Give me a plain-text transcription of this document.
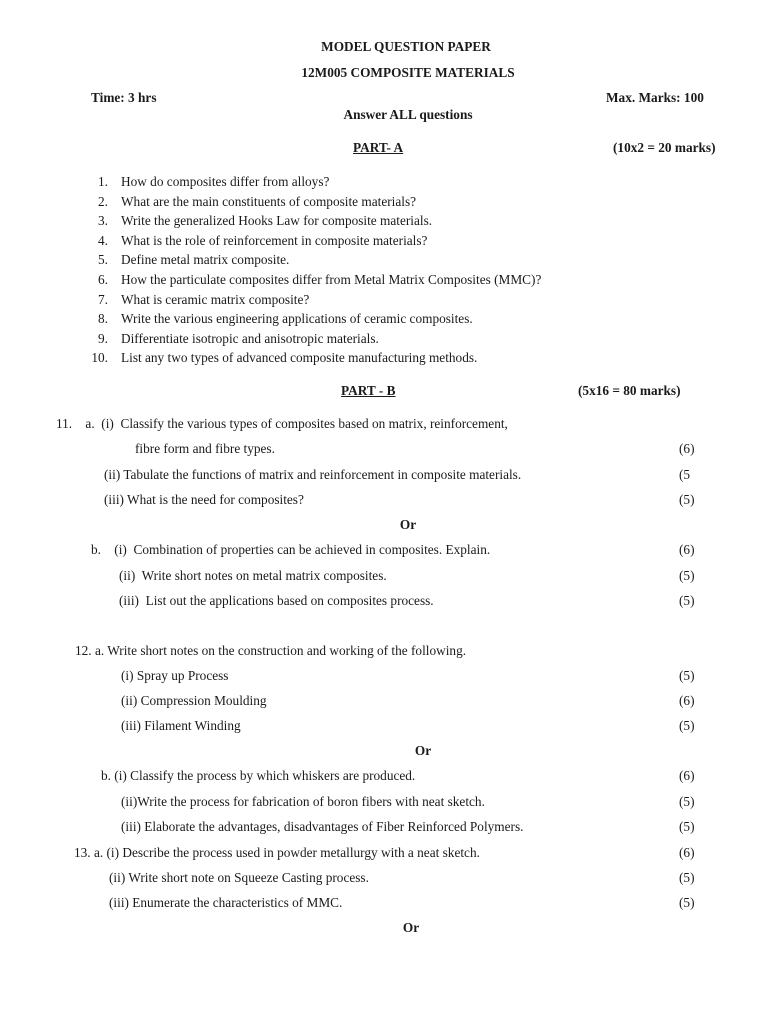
MODEL QUESTION PAPER
12M005 COMPOSITE MATERIALS
Time: 3 hrs	Max. Marks: 100
Answer ALL questions
PART- A	(10x2 = 20 marks)
1. How do composites differ from alloys?
2. What are the main constituents of composite materials?
3. Write the generalized Hooks Law for composite materials.
4. What is the role of reinforcement in composite materials?
5. Define metal matrix composite.
6. How the particulate composites differ from Metal Matrix Composites (MMC)?
7. What is ceramic matrix composite?
8. Write the various engineering applications of ceramic composites.
9. Differentiate isotropic and anisotropic materials.
10. List any two types of advanced composite manufacturing methods.
PART - B	(5x16 = 80 marks)
11.    a.  (i)  Classify the various types of composites based on matrix, reinforcement,
fibre form and fibre types.	(6)
(ii) Tabulate the functions of matrix and reinforcement in composite materials.	(5
(iii) What is the need for composites?	(5)
Or
b.    (i)  Combination of properties can be achieved in composites. Explain.	(6)
(ii)  Write short notes on metal matrix composites.	(5)
(iii)  List out the applications based on composites process.	(5)
12. a. Write short notes on the construction and working of the following.
(i) Spray up Process	(5)
(ii) Compression Moulding	(6)
(iii) Filament Winding	(5)
Or
b. (i) Classify the process by which whiskers are produced.	(6)
(ii)Write the process for fabrication of boron fibers with neat sketch.	(5)
(iii) Elaborate the advantages, disadvantages of Fiber Reinforced Polymers.	(5)
13. a. (i) Describe the process used in powder metallurgy with a neat sketch.	(6)
(ii) Write short note on Squeeze Casting process.	(5)
(iii) Enumerate the characteristics of MMC.	(5)
Or
